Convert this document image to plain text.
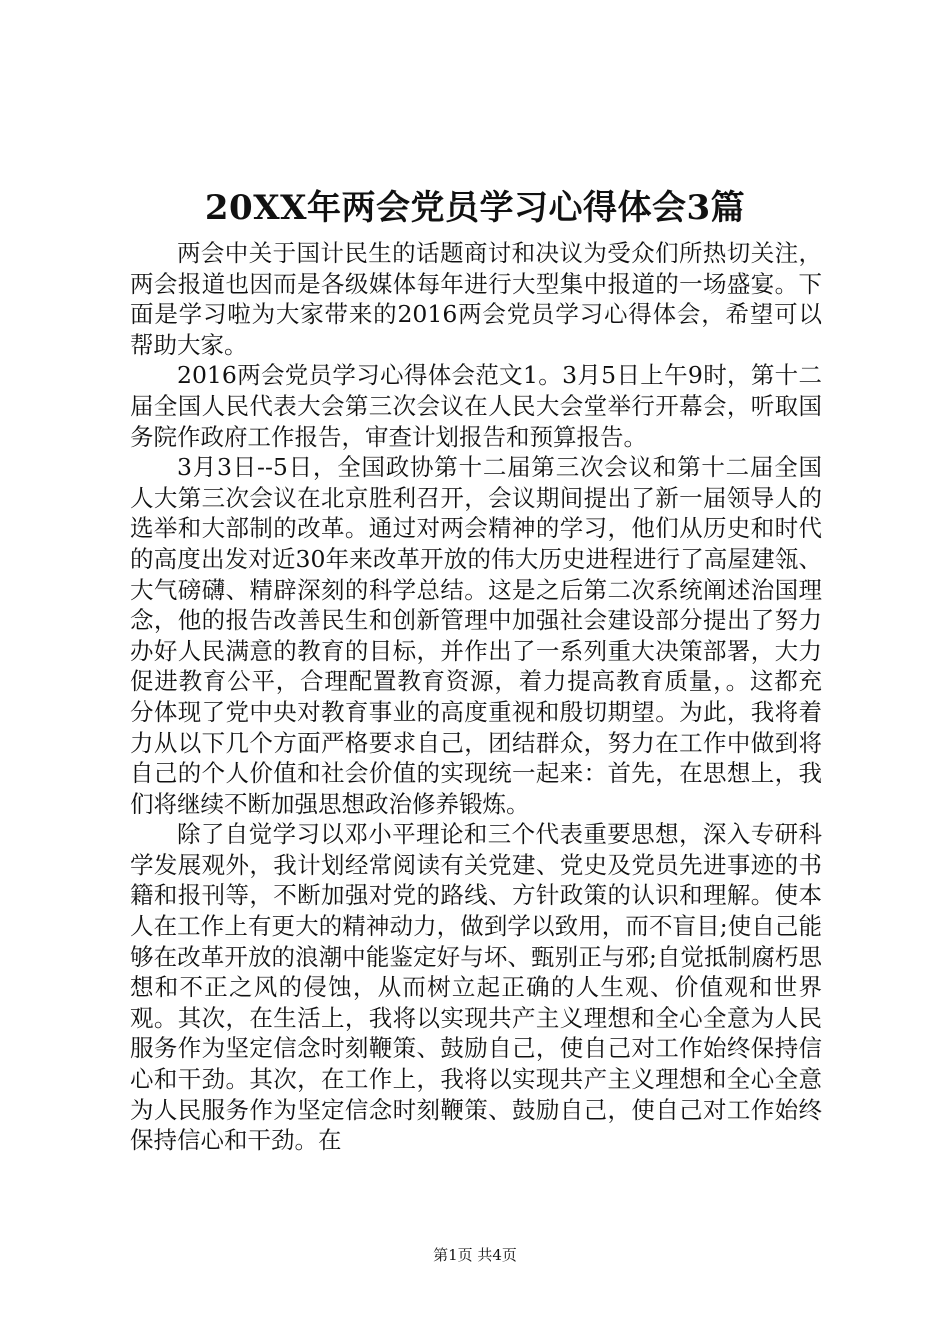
20XX年两会党员学习心得体会3篇

两会中关于国计民生的话题商讨和决议为受众们所热切关注，两会报道也因而是各级媒体每年进行大型集中报道的一场盛宴。下面是学习啦为大家带来的2016两会党员学习心得体会，希望可以帮助大家。

2016两会党员学习心得体会范文1。3月5日上午9时，第十二届全国人民代表大会第三次会议在人民大会堂举行开幕会，听取国务院作政府工作报告，审查计划报告和预算报告。

3月3日--5日，全国政协第十二届第三次会议和第十二届全国人大第三次会议在北京胜利召开，会议期间提出了新一届领导人的选举和大部制的改革。通过对两会精神的学习，他们从历史和时代的高度出发对近30年来改革开放的伟大历史进程进行了高屋建瓴、大气磅礴、精辟深刻的科学总结。这是之后第二次系统阐述治国理念，他的报告改善民生和创新管理中加强社会建设部分提出了努力办好人民满意的教育的目标，并作出了一系列重大决策部署，大力促进教育公平，合理配置教育资源，着力提高教育质量，。这都充分体现了党中央对教育事业的高度重视和殷切期望。为此，我将着力从以下几个方面严格要求自己，团结群众，努力在工作中做到将自己的个人价值和社会价值的实现统一起来：首先，在思想上，我们将继续不断加强思想政治修养锻炼。

除了自觉学习以邓小平理论和三个代表重要思想，深入专研科学发展观外，我计划经常阅读有关党建、党史及党员先进事迹的书籍和报刊等，不断加强对党的路线、方针政策的认识和理解。使本人在工作上有更大的精神动力，做到学以致用，而不盲目;使自己能够在改革开放的浪潮中能鉴定好与坏、甄别正与邪;自觉抵制腐朽思想和不正之风的侵蚀，从而树立起正确的人生观、价值观和世界观。其次，在生活上，我将以实现共产主义理想和全心全意为人民服务作为坚定信念时刻鞭策、鼓励自己，使自己对工作始终保持信心和干劲。其次，在工作上，我将以实现共产主义理想和全心全意为人民服务作为坚定信念时刻鞭策、鼓励自己，使自己对工作始终保持信心和干劲。在

第1页 共4页
